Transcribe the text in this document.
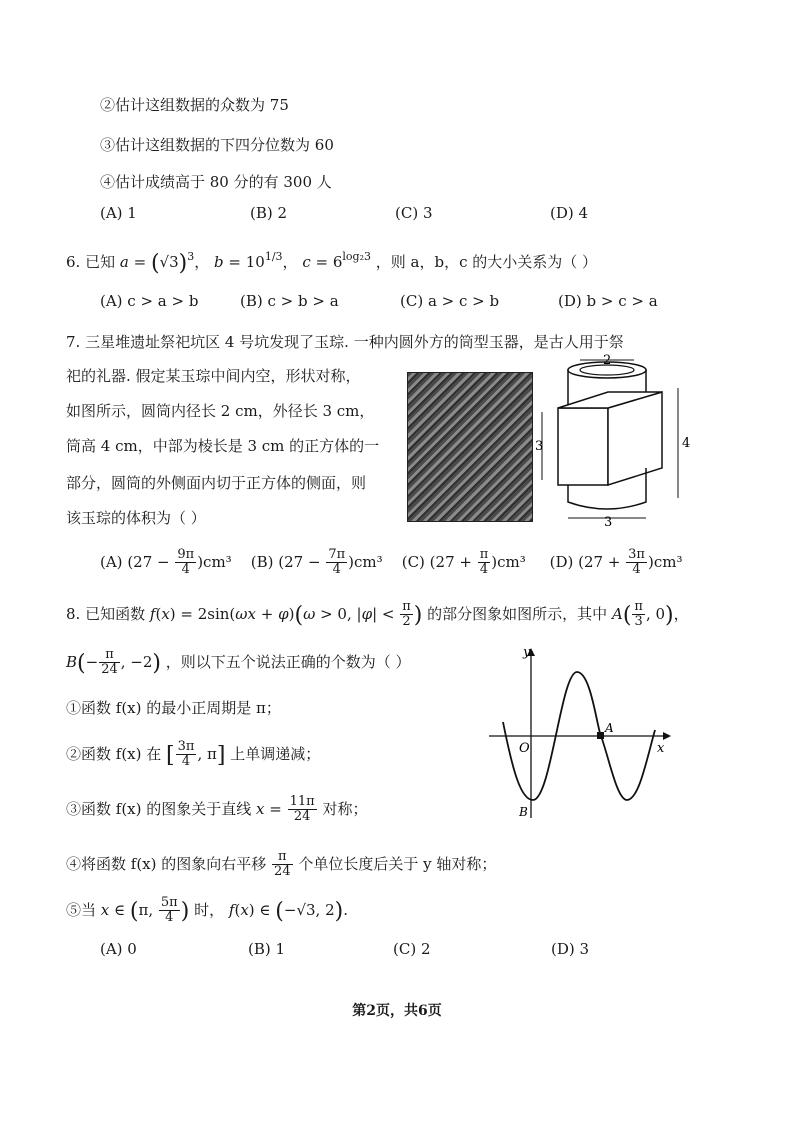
②估计这组数据的众数为 75
③估计这组数据的下四分位数为 60
④估计成绩高于 80 分的有 300 人
(A) 1	(B) 2	(C) 3	(D) 4
6. 已知 $a = (√3)^3$， $b = 10^{1/3}$， $c = 6^{log_23}$ ，则 a，b，c 的大小关系为（ ）
(A) c > a > b	(B) c > b > a	(C) a > c > b	(D) b > c > a
7. 三星堆遗址祭祀坑区 4 号坑发现了玉琮. 一种内圆外方的筒型玉器，是古人用于祭
祀的礼器. 假定某玉琮中间内空，形状对称，
如图所示，圆筒内径长 2 cm，外径长 3 cm，
筒高 4 cm，中部为棱长是 3 cm 的正方体的一
部分，圆筒的外侧面内切于正方体的侧面，则
该玉琮的体积为（ ）
2
3	4
3
(A) $(27 - \frac{9\pi}{4} )cm^3$ (B) $(27 - \frac{7\pi}{4} )cm^3$ (C) $(27 + \frac{\pi}{4} )cm^3$ (D) $(27 + \frac{3\pi}{4} )cm^3$
8. 已知函数 f(x) = 2sin(ωx + φ)(ω > 0, $|\varphi| < \frac{\pi}{2}$ ) 的部分图象如图所示，其中 $A( \frac{\pi}{3}$ , 0)，
$B(- \frac{\pi}{24}$ , −2) ，则以下五个说法正确的个数为（ ）
①函数 f(x) 的最小正周期是 π；
②函数 f(x) 在 [ $\frac{3\pi}{4}$ , π] 上单调递减；
③函数 f(x) 的图象关于直线 $x = \frac{11\pi}{24}$ 对称；
④将函数 f(x) 的图象向右平移 $\frac{\pi}{24}$ 个单位长度后关于 y 轴对称；
⑤当 x ∈ (π, $\frac{5\pi}{4}$ ) 时， f(x) ∈ (−√3, 2).
(A) 0	(B) 1	(C) 2	(D) 3
y
x
O
A
B
第2页，共6页
